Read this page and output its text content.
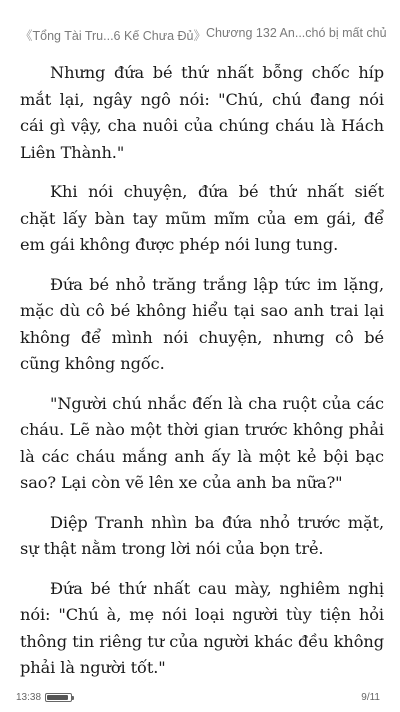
《Tổng Tài Tru...6 Kế Chưa Đủ》 Chương 132 An...chó bị mất chủ

Nhưng đứa bé thứ nhất bỗng chốc híp mắt lại, ngây ngô nói: "Chú, chú đang nói cái gì vậy, cha nuôi của chúng cháu là Hách Liên Thành."

Khi nói chuyện, đứa bé thứ nhất siết chặt lấy bàn tay mũm mĩm của em gái, để em gái không được phép nói lung tung.

Đứa bé nhỏ trăng trắng lập tức im lặng, mặc dù cô bé không hiểu tại sao anh trai lại không để mình nói chuyện, nhưng cô bé cũng không ngốc.

"Người chú nhắc đến là cha ruột của các cháu. Lẽ nào một thời gian trước không phải là các cháu mắng anh ấy là một kẻ bội bạc sao? Lại còn vẽ lên xe của anh ba nữa?"

Diệp Tranh nhìn ba đứa nhỏ trước mặt, sự thật nằm trong lời nói của bọn trẻ.

Đứa bé thứ nhất cau mày, nghiêm nghị nói: "Chú à, mẹ nói loại người tùy tiện hỏi thông tin riêng tư của người khác đều không phải là người tốt."

13:38	9/11
